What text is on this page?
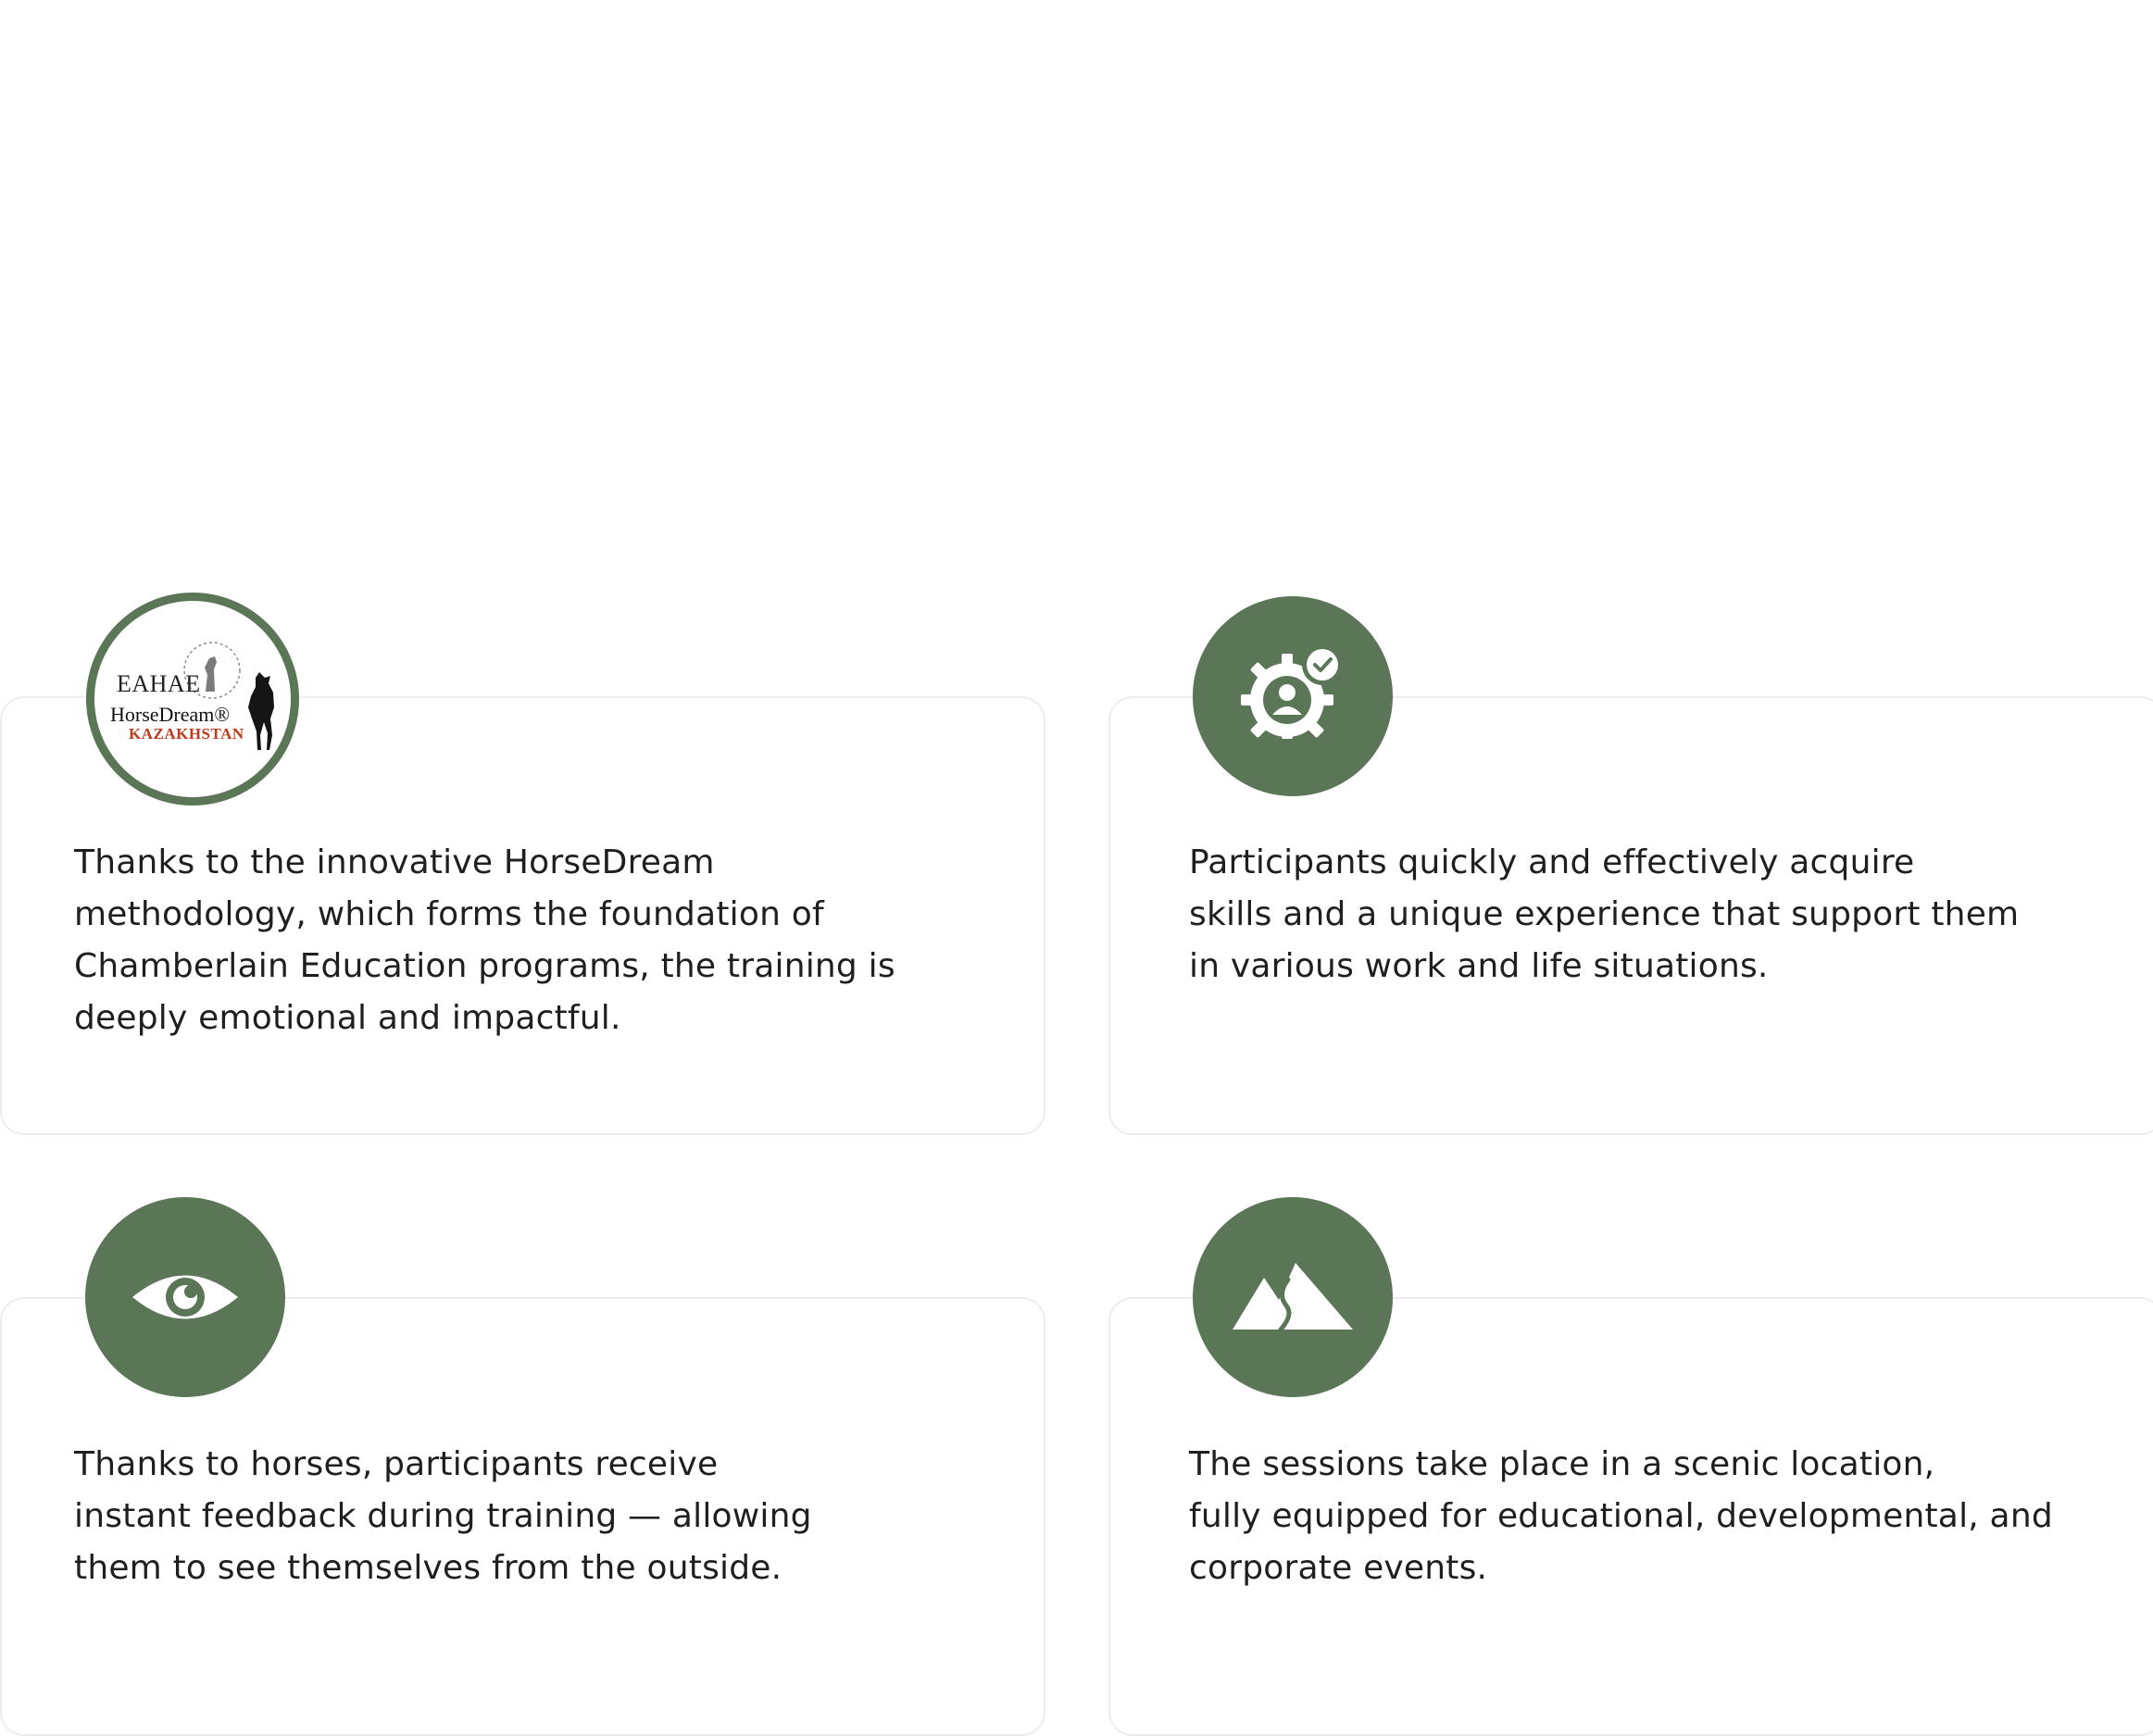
EAHAE
HorseDream®
KAZAKHSTAN

Thanks to the innovative HorseDream
methodology, which forms the foundation of
Chamberlain Education programs, the training is
deeply emotional and impactful.

Participants quickly and effectively acquire
skills and a unique experience that support them
in various work and life situations.

Thanks to horses, participants receive
instant feedback during training — allowing
them to see themselves from the outside.

The sessions take place in a scenic location,
fully equipped for educational, developmental, and
corporate events.
